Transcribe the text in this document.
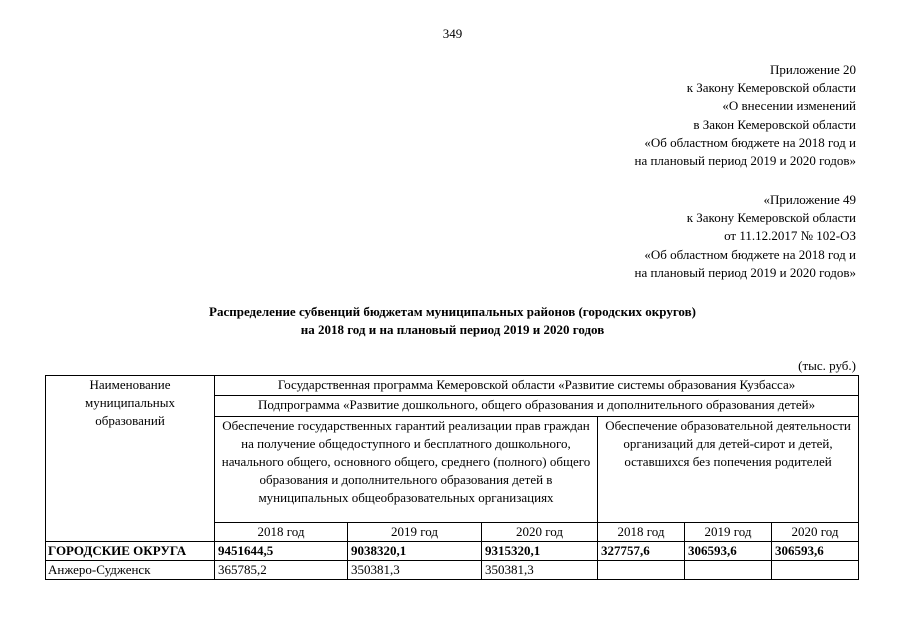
349
Приложение 20
к Закону Кемеровской области
«О внесении изменений
в Закон Кемеровской области
«Об областном бюджете на 2018 год и
на плановый период 2019 и 2020 годов»
«Приложение 49
к Закону Кемеровской области
от 11.12.2017 № 102-ОЗ
«Об областном бюджете на 2018 год и
на плановый период 2019 и 2020 годов»
Распределение субвенций бюджетам муниципальных районов (городских округов)
на 2018 год и на плановый период 2019 и 2020 годов
(тыс. руб.)
Наименование муниципальных образований	Государственная программа Кемеровской области «Развитие системы образования Кузбасса»					
	Подпрограмма «Развитие дошкольного, общего образования и дополнительного образования детей»					
	Обеспечение государственных гарантий реализации прав граждан на получение общедоступного и бесплатного дошкольного, начального общего, основного общего, среднего (полного) общего образования и дополнительного образования детей в муниципальных общеобразовательных организациях			Обеспечение образовательной деятельности организаций для детей-сирот и детей, оставшихся без попечения родителей		
	2018 год	2019 год	2020 год	2018 год	2019 год	2020 год
ГОРОДСКИЕ ОКРУГА	9451644,5	9038320,1	9315320,1	327757,6	306593,6	306593,6
Анжеро-Судженск	365785,2	350381,3	350381,3			
